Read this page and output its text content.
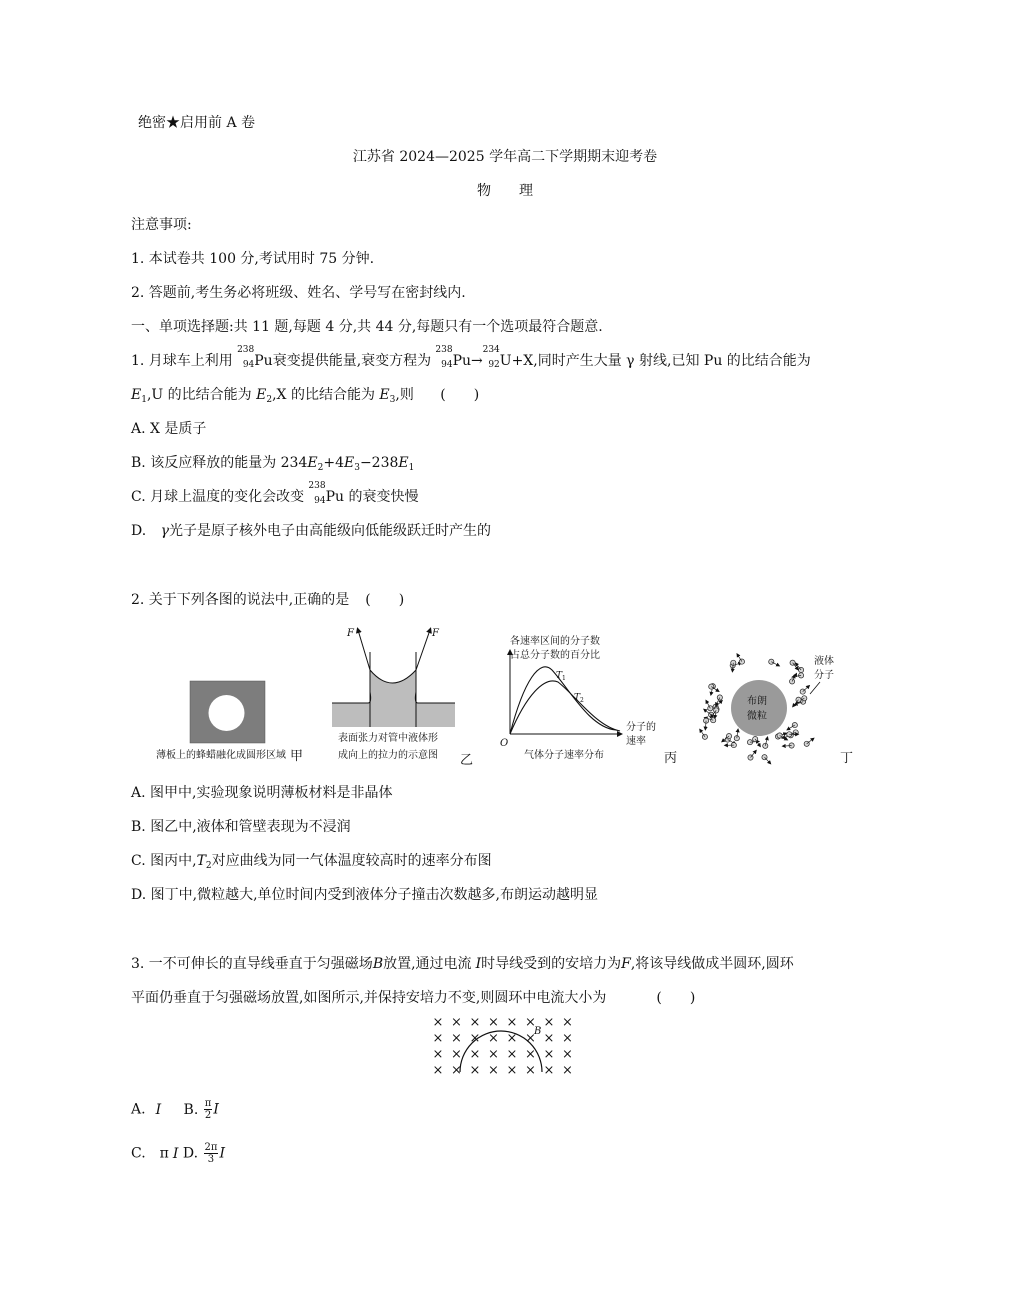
绝密★启用前 A 卷
江苏省 2024—2025 学年高二下学期期末迎考卷
物　　理
注意事项:
1. 本试卷共 100 分,考试用时 75 分钟.
2. 答题前,考生务必将班级、姓名、学号写在密封线内.
一、单项选择题:共 11 题,每题 4 分,共 44 分,每题只有一个选项最符合题意.
1. 月球车上利用
238
94 Pu衰变提供能量,衰变方程为
238
94 Pu→
234
92 U+X,同时产生大量 γ 射线,已知 Pu 的比结合能为
$E_1,U$ 的比结合能为 $E_2,X$ 的比结合能为 $E_3$,则 (　　)
A. X 是质子
B. 该反应释放的能量为 $234E_2+4E_3-238E_1$
C. 月球上温度的变化会改变
238
94 Pu 的衰变快慢
D. γ光子是原子核外电子由高能级向低能级跃迁时产生的
2. 关于下列各图的说法中,正确的是 (　　)
薄板上的蜂蜡融化成圆形区域 甲
F	F
表面张力对管中液体形
成向上的拉力的示意图 乙
各速率区间的分子数
占总分子数的百分比
$T_1$
$T_2$
O
分子的
速率
气体分子速率分布	丙
布朗
微粒
液体
分子
丁
A. 图甲中,实验现象说明薄板材料是非晶体
B. 图乙中,液体和管壁表现为不浸润
C. 图丙中$,T_2$对应曲线为同一气体温度较高时的速率分布图
D. 图丁中,微粒越大,单位时间内受到液体分子撞击次数越多,布朗运动越明显
3. 一不可伸长的直导线垂直于匀强磁场B放置,通过电流 I时导线受到的安培力为F,将该导线做成半圆环,圆环
平面仍垂直于匀强磁场放置,如图所示,并保持安培力不变,则圆环中电流大小为	(　　)
× × × × × × × ×
× × × × × × × ×
× × × × × × × ×
× × × × × × × ×
B
A. I B. $\frac{\pi}{2}$ I
C.　π I D. $\frac{2\pi}{3}$ I
